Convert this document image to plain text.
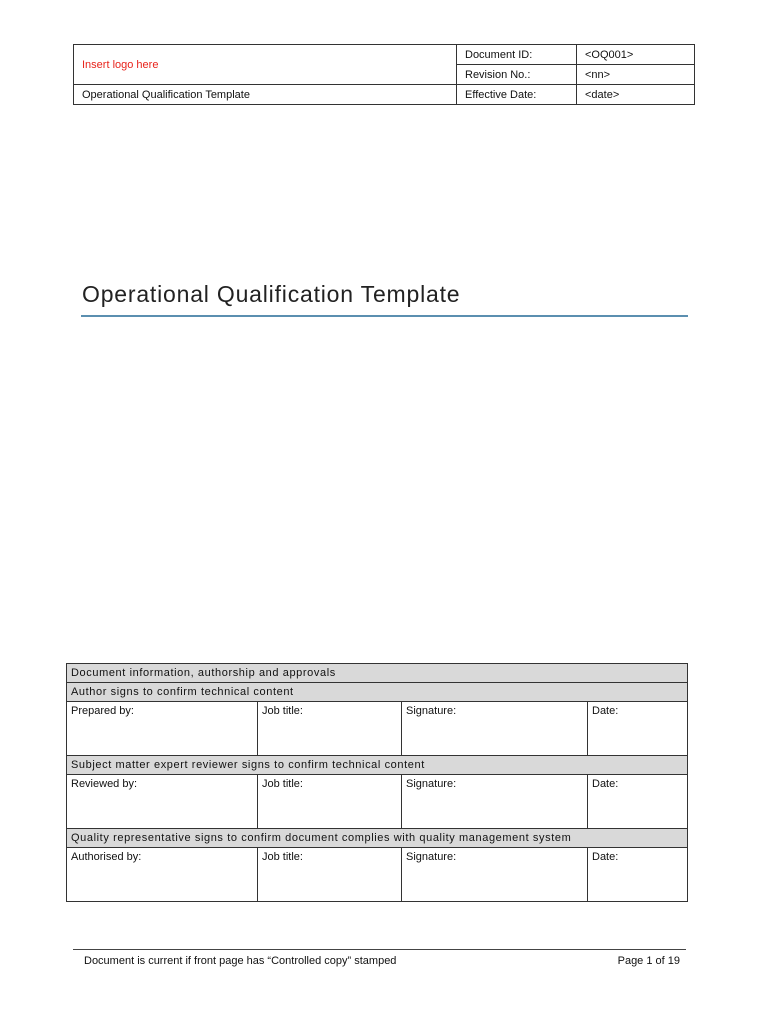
Insert logo here	Document ID:	<OQ001>
	Revision No.:	<nn>
Operational Qualification Template	Effective Date:	<date>
Operational Qualification Template
Document information, authorship and approvals			
Author signs to confirm technical content			
Prepared by:	Job title:	Signature:	Date:
Subject matter expert reviewer signs to confirm technical content			
Reviewed by:	Job title:	Signature:	Date:
Quality representative signs to confirm document complies with quality management system			
Authorised by:	Job title:	Signature:	Date:
Document is current if front page has “Controlled copy” stamped	Page 1 of 19
